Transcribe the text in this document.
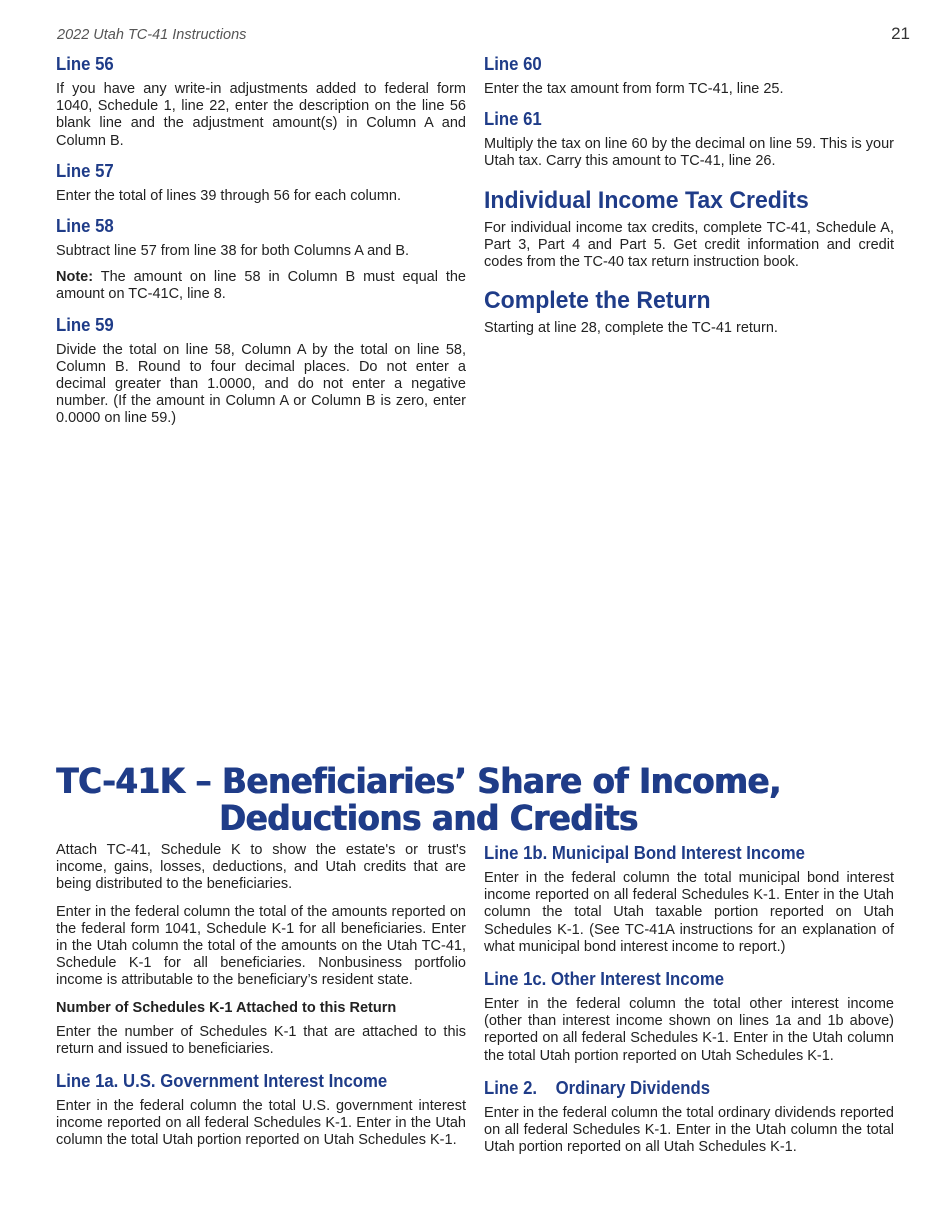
2022 Utah TC-41 Instructions	21
Line 56

If you have any write-in adjustments added to federal form 1040, Schedule 1, line 22, enter the description on the line 56 blank line and the adjustment amount(s) in Column A and Column B.

Line 57

Enter the total of lines 39 through 56 for each column.

Line 58

Subtract line 57 from line 38 for both Columns A and B.

Note: The amount on line 58 in Column B must equal the amount on TC-41C, line 8.

Line 59

Divide the total on line 58, Column A by the total on line 58, Column B. Round to four decimal places. Do not enter a decimal greater than 1.0000, and do not enter a negative number. (If the amount in Column A or Column B is zero, enter 0.0000 on line 59.)

Line 60

Enter the tax amount from form TC-41, line 25.

Line 61

Multiply the tax on line 60 by the decimal on line 59. This is your Utah tax. Carry this amount to TC-41, line 26.

Individual Income Tax Credits

For individual income tax credits, complete TC-41, Schedule A, Part 3, Part 4 and Part 5. Get credit information and credit codes from the TC-40 tax return instruction book.

Complete the Return

Starting at line 28, complete the TC-41 return.

TC-41K – Beneficiaries’ Share of Income,
Deductions and Credits

Attach TC-41, Schedule K to show the estate's or trust's income, gains, losses, deductions, and Utah credits that are being distributed to the beneficiaries.

Enter in the federal column the total of the amounts reported on the federal form 1041, Schedule K-1 for all beneficiaries. Enter in the Utah column the total of the amounts on the Utah TC-41, Schedule K-1 for all beneficiaries. Nonbusiness portfolio income is attributable to the beneficiary’s resident state.

Number of Schedules K-1 Attached to this Return

Enter the number of Schedules K-1 that are attached to this return and issued to beneficiaries.

Line 1a. U.S. Government Interest Income

Enter in the federal column the total U.S. government interest income reported on all federal Schedules K-1. Enter in the Utah column the total Utah portion reported on Utah Schedules K-1.

Line 1b. Municipal Bond Interest Income

Enter in the federal column the total municipal bond interest income reported on all federal Schedules K-1. Enter in the Utah column the total Utah taxable portion reported on Utah Schedules K-1. (See TC-41A instructions for an explanation of what municipal bond interest income to report.)

Line 1c. Other Interest Income

Enter in the federal column the total other interest income (other than interest income shown on lines 1a and 1b above) reported on all federal Schedules K-1. Enter in the Utah column the total Utah portion reported on Utah Schedules K-1.

Line 2.    Ordinary Dividends

Enter in the federal column the total ordinary dividends reported on all federal Schedules K-1. Enter in the Utah column the total Utah portion reported on all Utah Schedules K-1.
